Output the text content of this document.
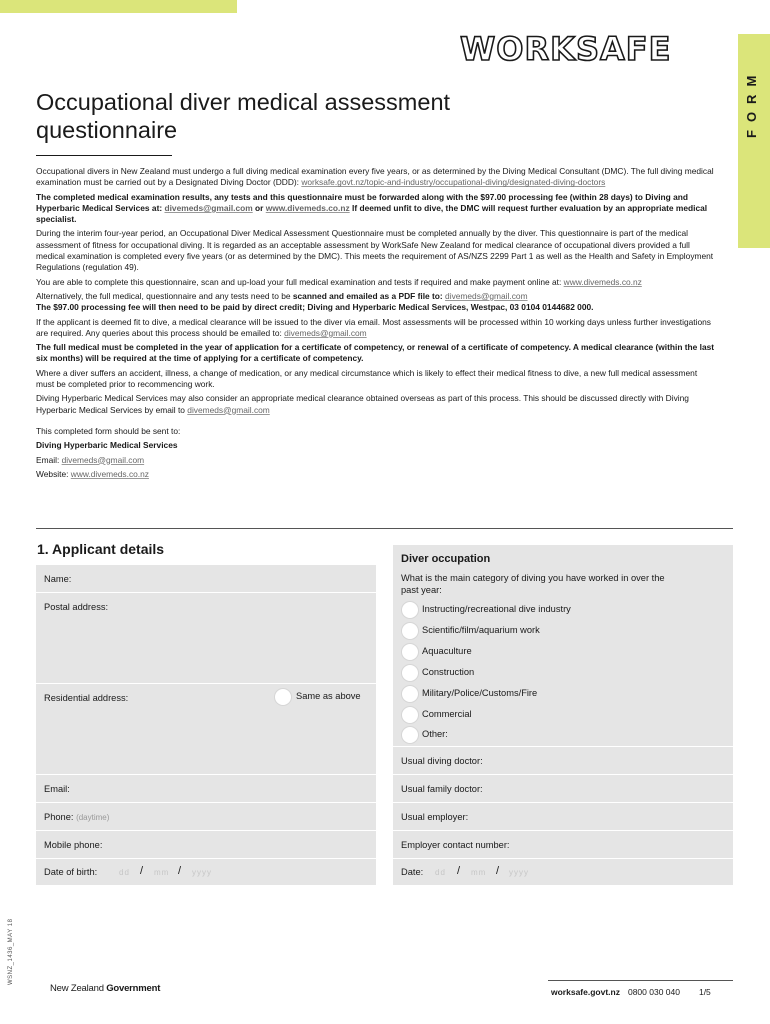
WORKSAFE
FORM
Occupational diver medical assessment questionnaire

Occupational divers in New Zealand must undergo a full diving medical examination every five years, or as determined by the Diving Medical Consultant (DMC). The full diving medical examination must be carried out by a Designated Diving Doctor (DDD): worksafe.govt.nz/topic-and-industry/occupational-diving/designated-diving-doctors

The completed medical examination results, any tests and this questionnaire must be forwarded along with the $97.00 processing fee (within 28 days) to Diving and Hyperbaric Medical Services at: divemeds@gmail.com or www.divemeds.co.nz If deemed unfit to dive, the DMC will request further evaluation by an appropriate medical specialist.

During the interim four-year period, an Occupational Diver Medical Assessment Questionnaire must be completed annually by the diver. This questionnaire is part of the medical assessment of fitness for occupational diving. It is regarded as an acceptable assessment by WorkSafe New Zealand for medical clearance of occupational divers provided a full medical examination is completed every five years (or as determined by the DMC). This meets the requirement of AS/NZS 2299 Part 1 as well as the Health and Safety in Employment Regulations (regulation 49).

You are able to complete this questionnaire, scan and up-load your full medical examination and tests if required and make payment online at: www.divemeds.co.nz

Alternatively, the full medical, questionnaire and any tests need to be scanned and emailed as a PDF file to: divemeds@gmail.com
The $97.00 processing fee will then need to be paid by direct credit; Diving and Hyperbaric Medical Services, Westpac, 03 0104 0144682 000.

If the applicant is deemed fit to dive, a medical clearance will be issued to the diver via email. Most assessments will be processed within 10 working days unless further investigations are required. Any queries about this process should be emailed to: divemeds@gmail.com

The full medical must be completed in the year of application for a certificate of competency, or renewal of a certificate of competency. A medical clearance (within the last six months) will be required at the time of applying for a certificate of competency.

Where a diver suffers an accident, illness, a change of medication, or any medical circumstance which is likely to effect their medical fitness to dive, a new full medical assessment must be completed prior to recommencing work.

Diving Hyperbaric Medical Services may also consider an appropriate medical clearance obtained overseas as part of this process. This should be discussed directly with Diving Hyperbaric Medical Services by email to divemeds@gmail.com

This completed form should be sent to:

Diving Hyperbaric Medical Services

Email: divemeds@gmail.com

Website: www.divemeds.co.nz

1. Applicant details
Name:
Postal address:
Residential address:	Same as above
Email:
Phone: (daytime)
Mobile phone:
Date of birth:	dd / mm / yyyy
Diver occupation
What is the main category of diving you have worked in over the past year:
Instructing/recreational dive industry
Scientific/film/aquarium work
Aquaculture
Construction
Military/Police/Customs/Fire
Commercial
Other:
Usual diving doctor:
Usual family doctor:
Usual employer:
Employer contact number:
Date: dd / mm / yyyy
WSNZ_1436_MAY 18
New Zealand Government	worksafe.govt.nz 0800 030 040 1/5
